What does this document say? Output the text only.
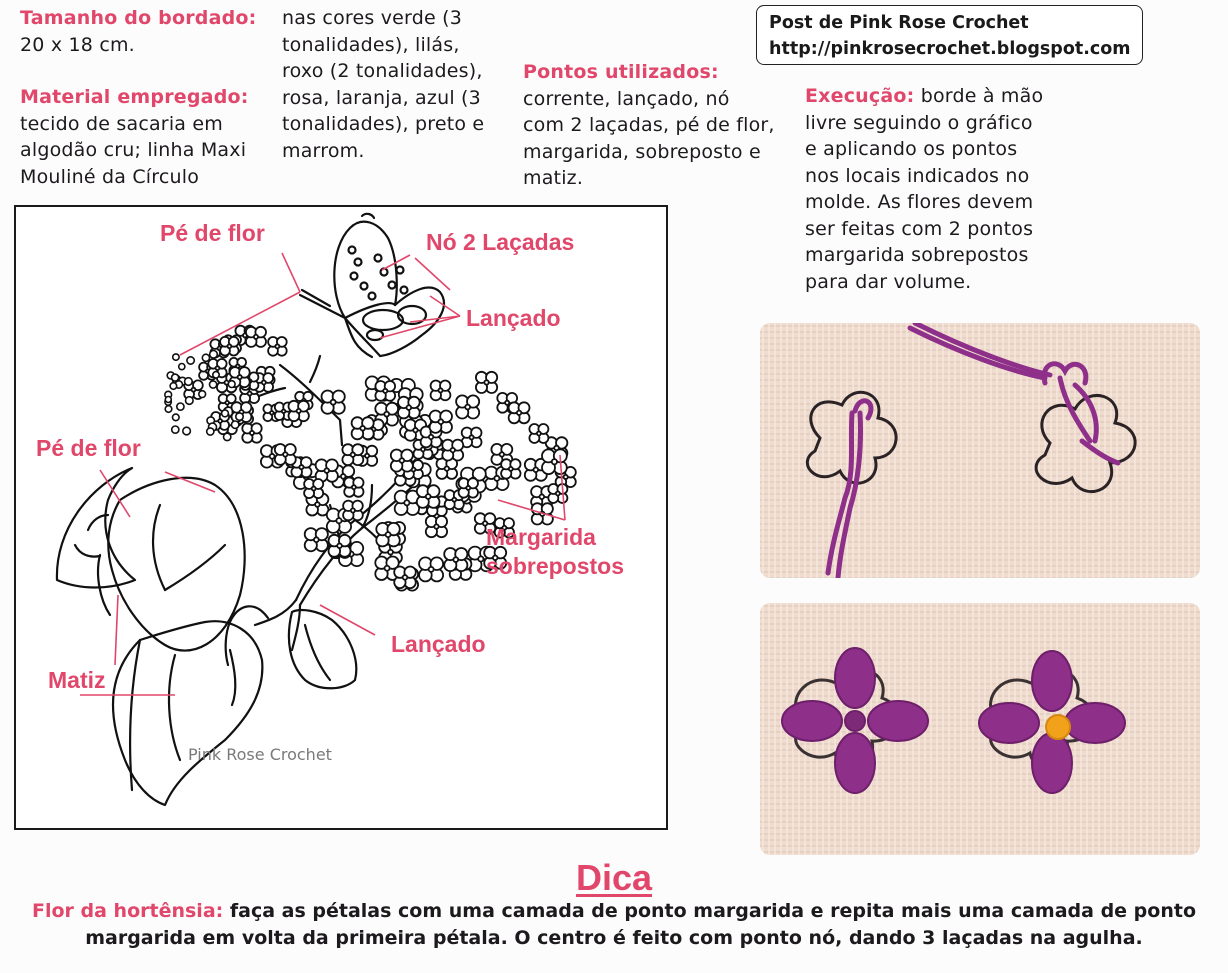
Tamanho do bordado:
20 x 18 cm.
Material empregado:
tecido de sacaria em
algodão cru; linha Maxi
Mouliné da Círculo
nas cores verde (3
tonalidades), lilás,
roxo (2 tonalidades),
rosa, laranja, azul (3
tonalidades), preto e
marrom.
Pontos utilizados:
corrente, lançado, nó
com 2 laçadas, pé de flor,
margarida, sobreposto e
matiz.
Post de Pink Rose Crochet
http://pinkrosecrochet.blogspot.com
Execução: borde à mão
livre seguindo o gráfico
e aplicando os pontos
nos locais indicados no
molde. As flores devem
ser feitas com 2 pontos
margarida sobrepostos
para dar volume.
Pé de flor	Nó 2 Laçadas
Lançado
Pé de flor
Margarida
sobrepostos
Lançado
Matiz
Pink Rose Crochet
Dica
Flor da hortênsia: faça as pétalas com uma camada de ponto margarida e repita mais uma camada de ponto
margarida em volta da primeira pétala. O centro é feito com ponto nó, dando 3 laçadas na agulha.
